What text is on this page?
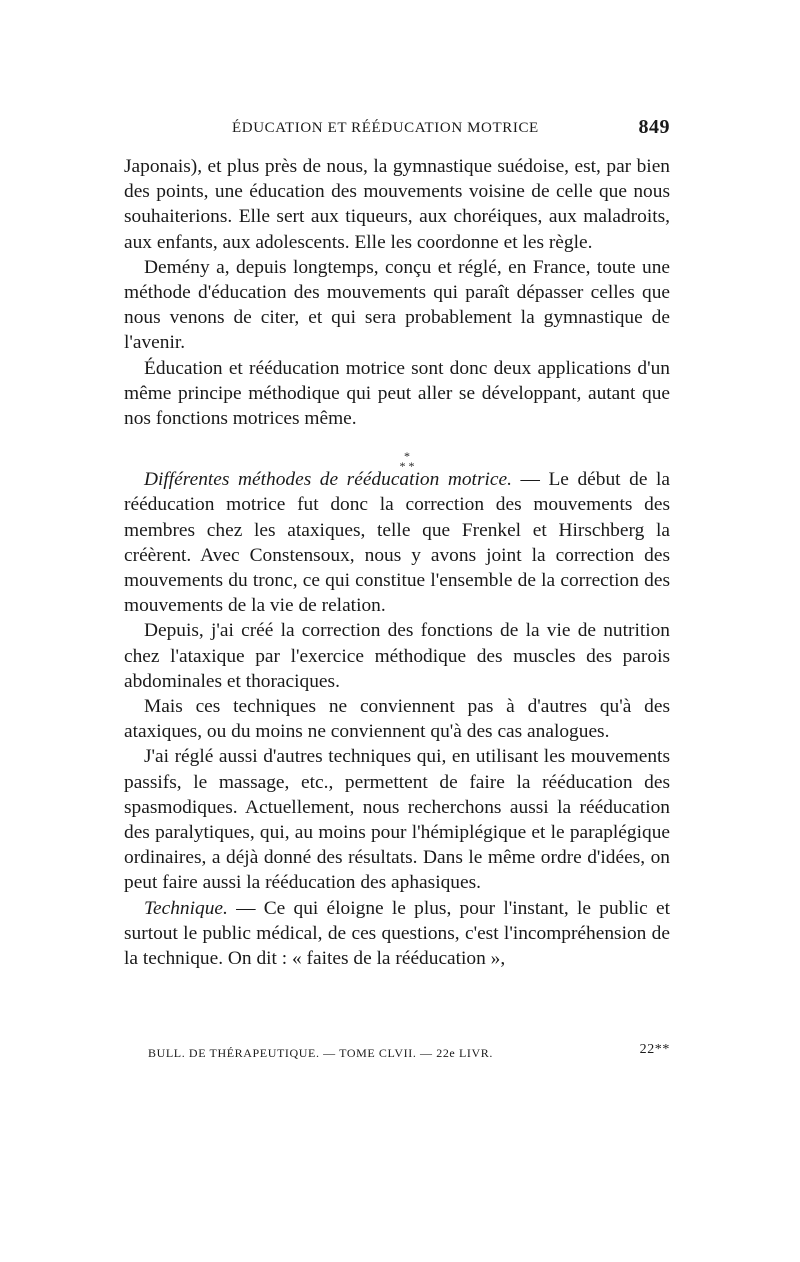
ÉDUCATION ET RÉÉDUCATION MOTRICE	849

Japonais), et plus près de nous, la gymnastique suédoise, est, par bien des points, une éducation des mouvements voisine de celle que nous souhaiterions. Elle sert aux tiqueurs, aux choréiques, aux maladroits, aux enfants, aux adolescents. Elle les coordonne et les règle.

Demény a, depuis longtemps, conçu et réglé, en France, toute une méthode d'éducation des mouvements qui paraît dépasser celles que nous venons de citer, et qui sera probablement la gymnastique de l'avenir.

Éducation et rééducation motrice sont donc deux applications d'un même principe méthodique qui peut aller se développant, autant que nos fonctions motrices même.

*
* *

Différentes méthodes de rééducation motrice. — Le début de la rééducation motrice fut donc la correction des mouvements des membres chez les ataxiques, telle que Frenkel et Hirschberg la créèrent. Avec Constensoux, nous y avons joint la correction des mouvements du tronc, ce qui constitue l'ensemble de la correction des mouvements de la vie de relation.

Depuis, j'ai créé la correction des fonctions de la vie de nutrition chez l'ataxique par l'exercice méthodique des muscles des parois abdominales et thoraciques.

Mais ces techniques ne conviennent pas à d'autres qu'à des ataxiques, ou du moins ne conviennent qu'à des cas analogues.

J'ai réglé aussi d'autres techniques qui, en utilisant les mouvements passifs, le massage, etc., permettent de faire la rééducation des spasmodiques. Actuellement, nous recherchons aussi la rééducation des paralytiques, qui, au moins pour l'hémiplégique et le paraplégique ordinaires, a déjà donné des résultats. Dans le même ordre d'idées, on peut faire aussi la rééducation des aphasiques.

Technique. — Ce qui éloigne le plus, pour l'instant, le public et surtout le public médical, de ces questions, c'est l'incompréhension de la technique. On dit : « faites de la rééducation »,

BULL. DE THÉRAPEUTIQUE. — TOME CLVII. — 22e LIVR.	22**
